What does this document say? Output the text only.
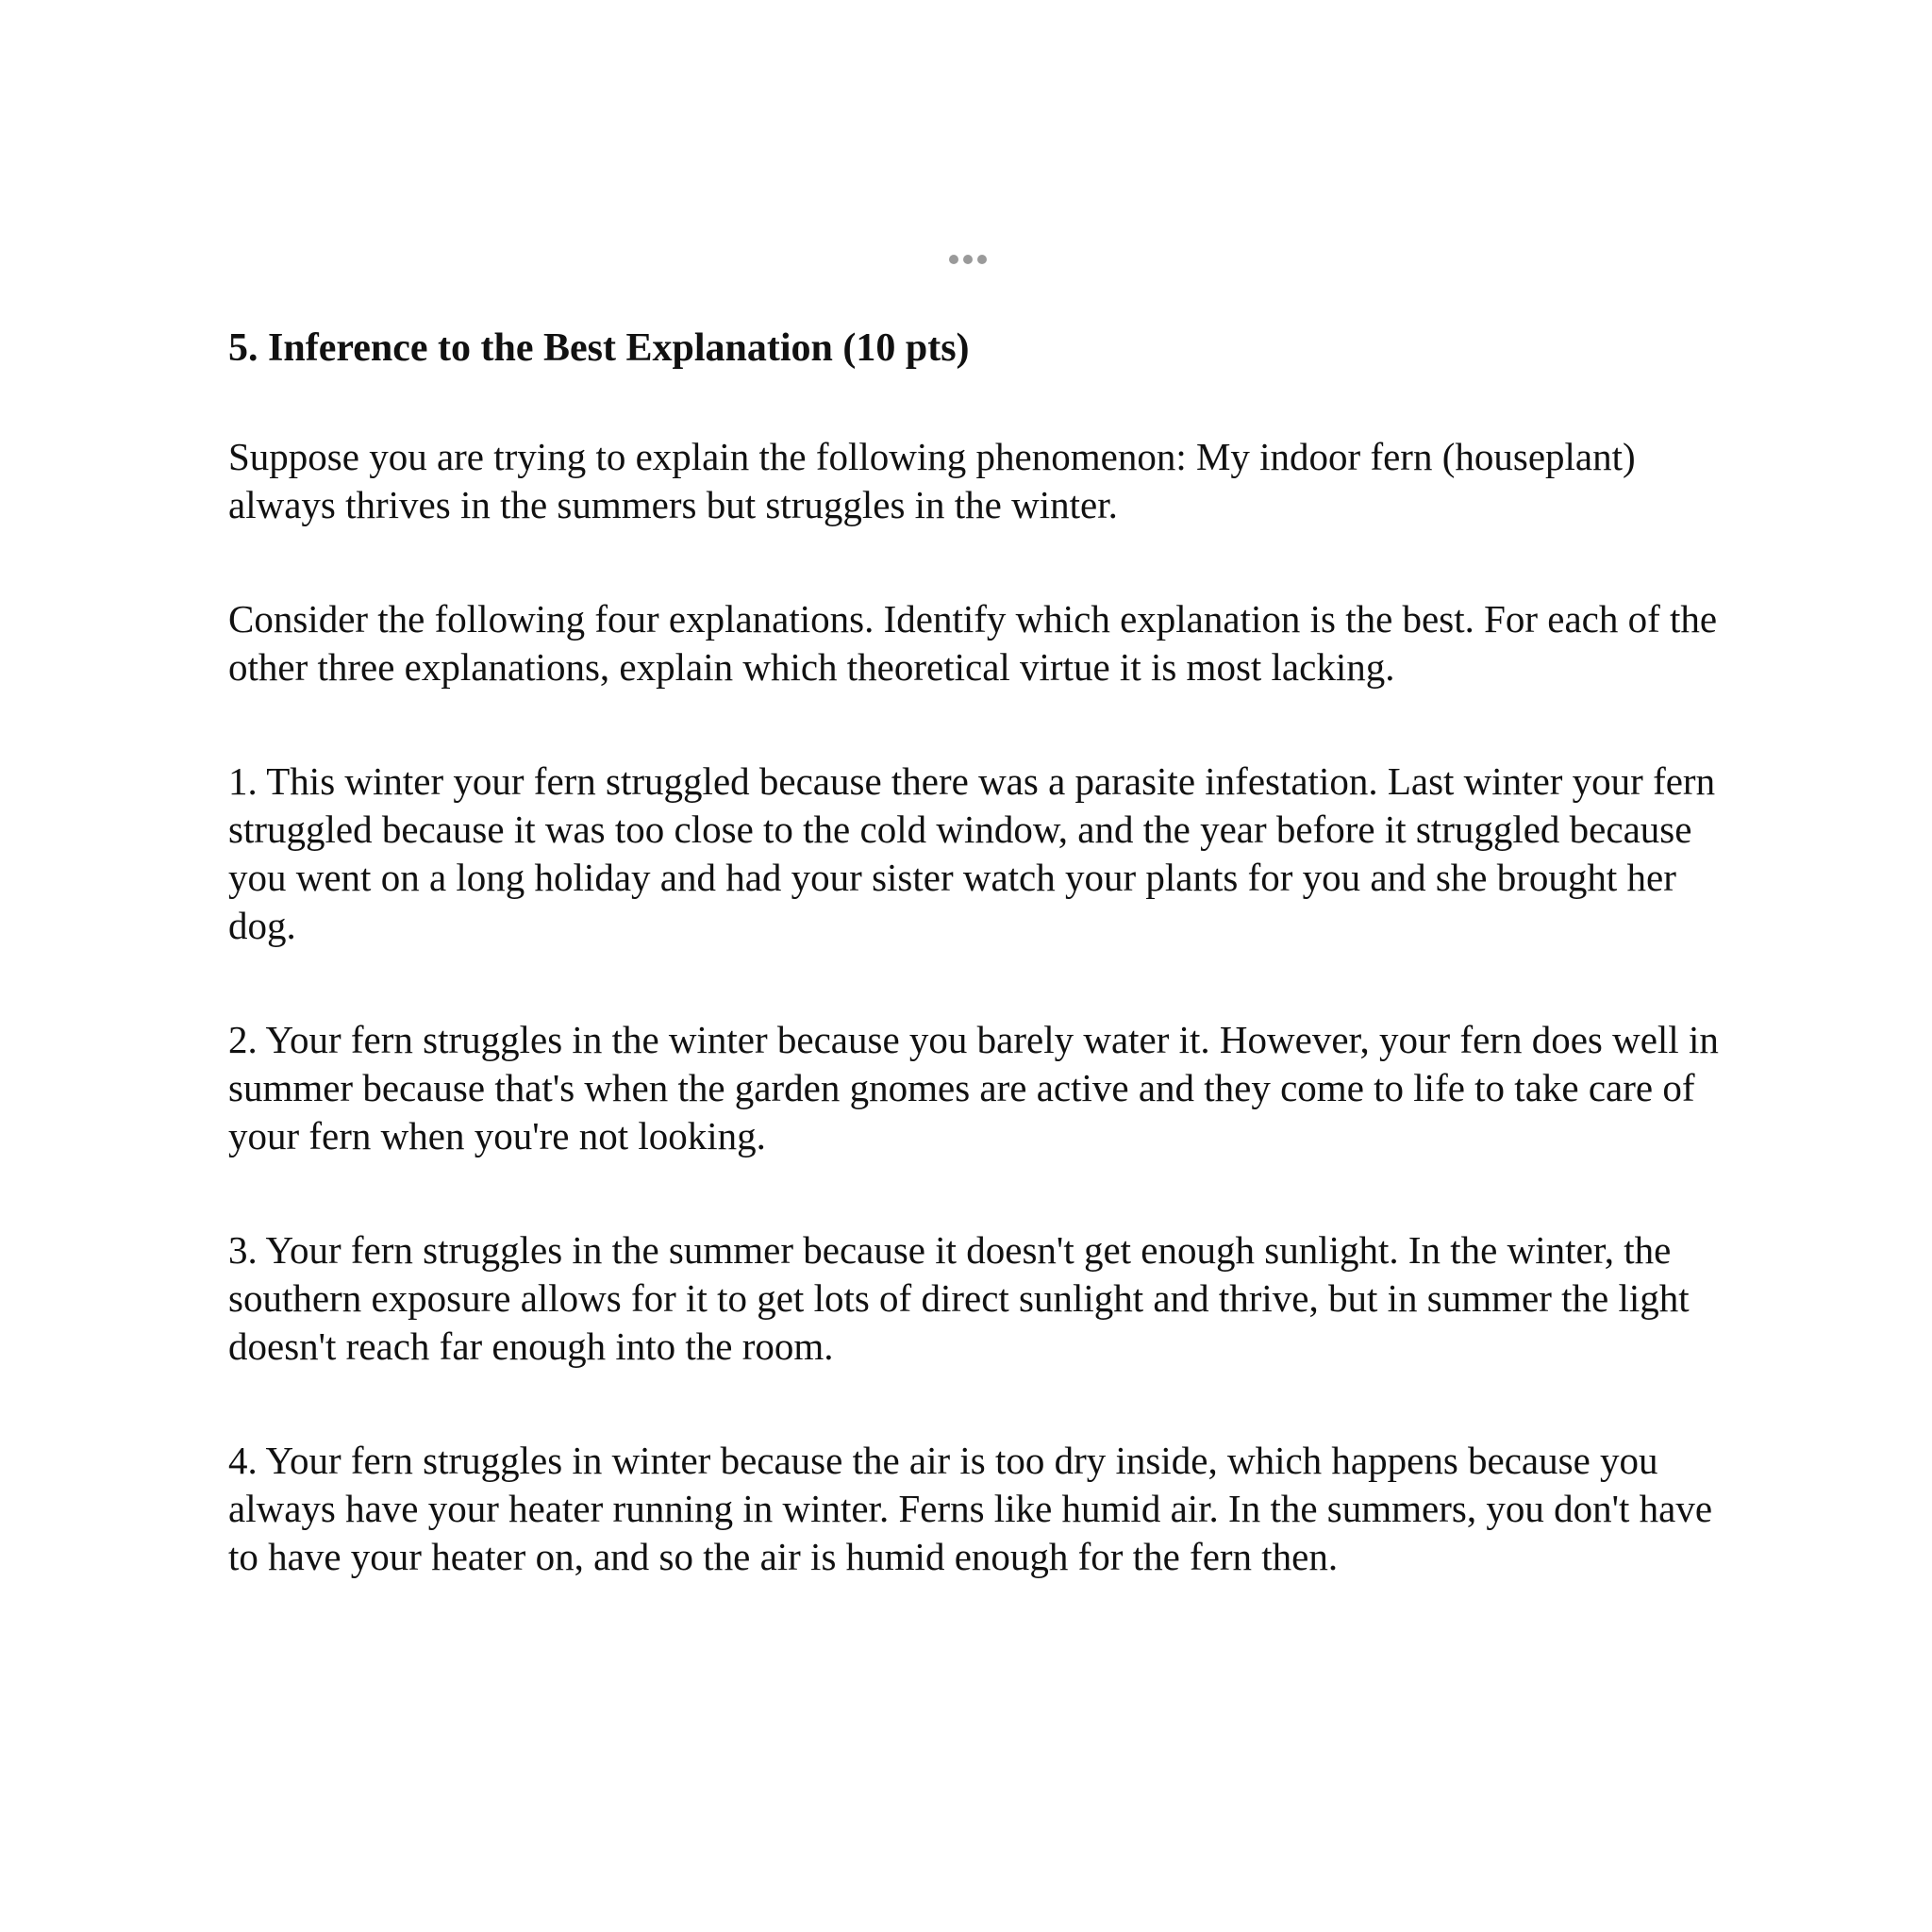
5. Inference to the Best Explanation (10 pts)

Suppose you are trying to explain the following phenomenon: My indoor fern (houseplant) always thrives in the summers but struggles in the winter.

Consider the following four explanations. Identify which explanation is the best. For each of the other three explanations, explain which theoretical virtue it is most lacking.

1. This winter your fern struggled because there was a parasite infestation. Last winter your fern struggled because it was too close to the cold window, and the year before it struggled because you went on a long holiday and had your sister watch your plants for you and she brought her dog.

2. Your fern struggles in the winter because you barely water it. However, your fern does well in summer because that's when the garden gnomes are active and they come to life to take care of your fern when you're not looking.

3. Your fern struggles in the summer because it doesn't get enough sunlight. In the winter, the southern exposure allows for it to get lots of direct sunlight and thrive, but in summer the light doesn't reach far enough into the room.

4. Your fern struggles in winter because the air is too dry inside, which happens because you always have your heater running in winter. Ferns like humid air. In the summers, you don't have to have your heater on, and so the air is humid enough for the fern then.
